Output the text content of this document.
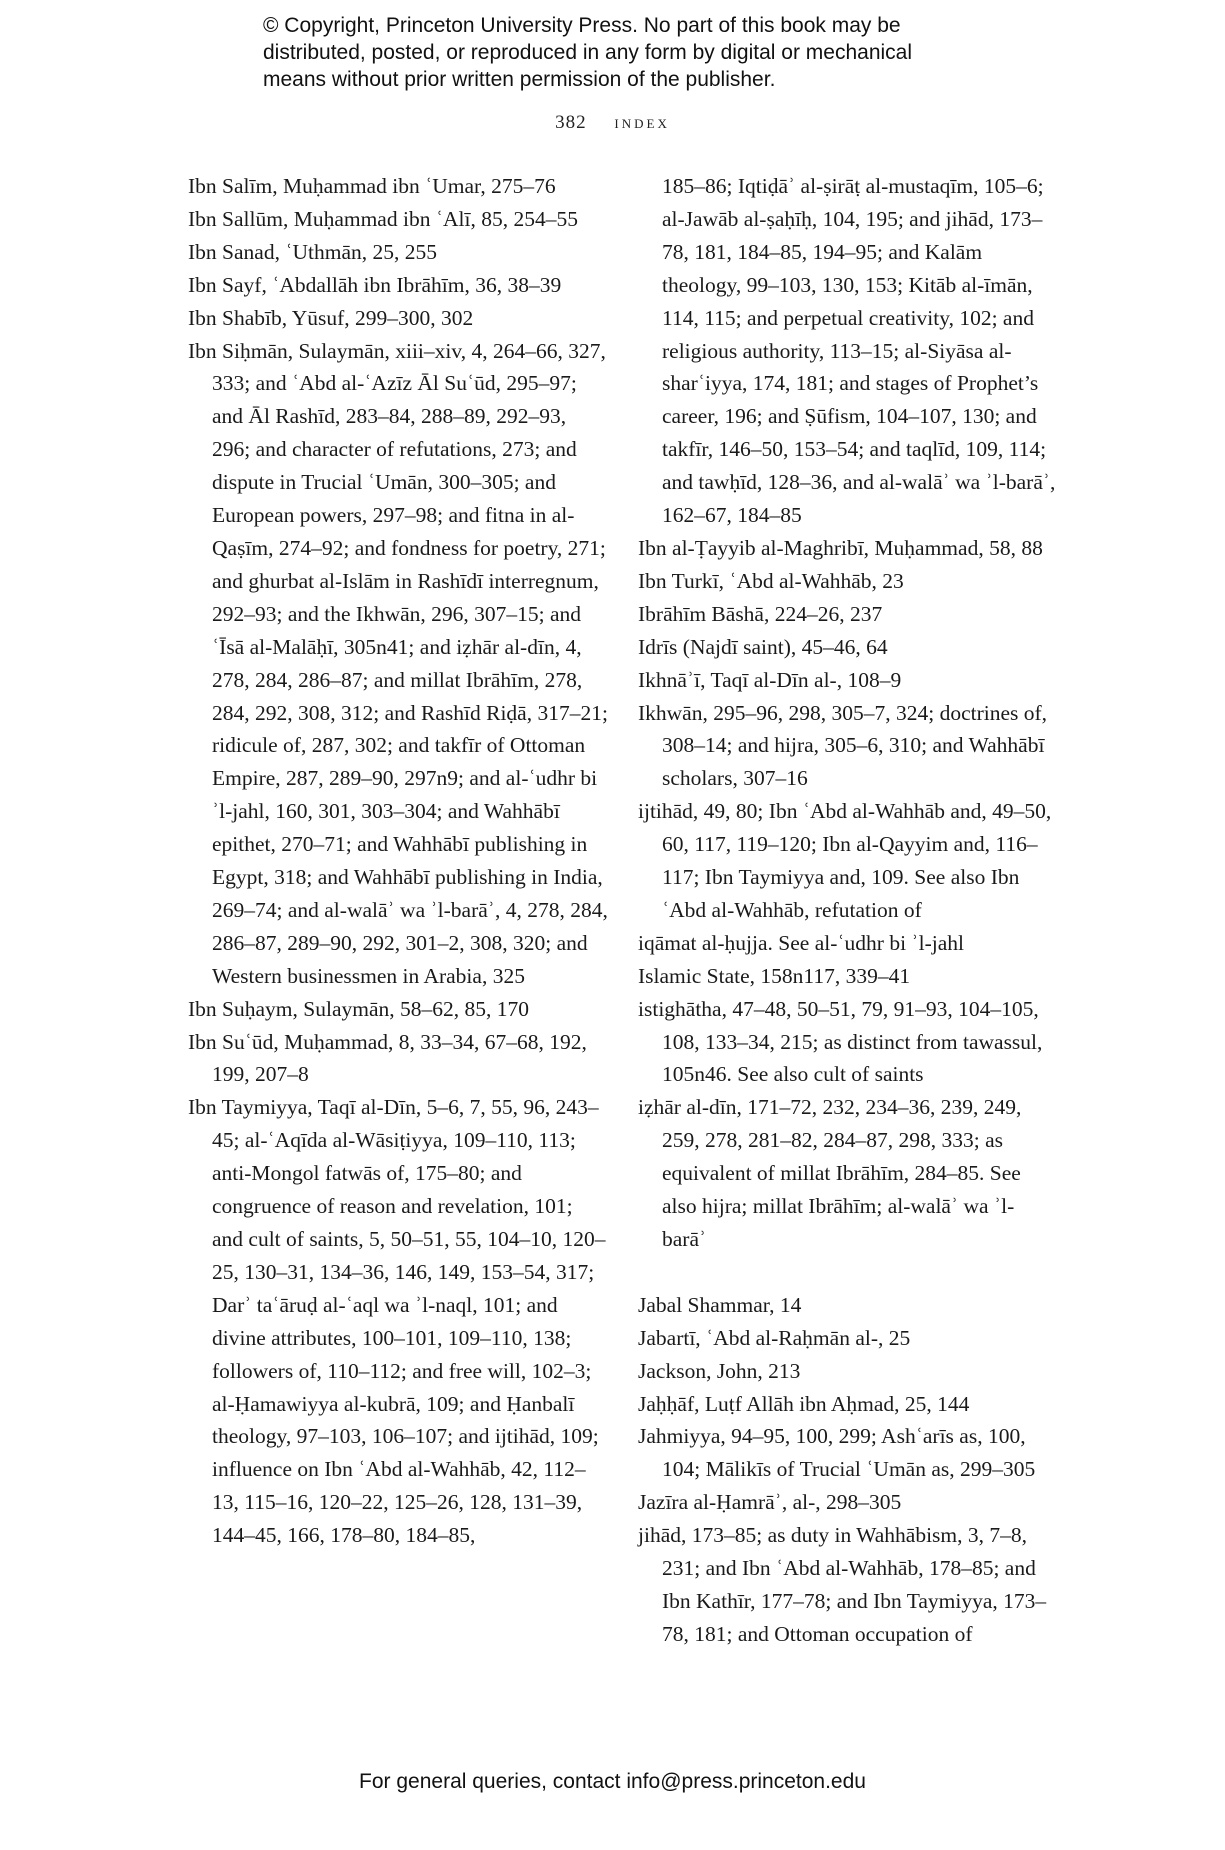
© Copyright, Princeton University Press. No part of this book may be
distributed, posted, or reproduced in any form by digital or mechanical
means without prior written permission of the publisher.
382 index
Ibn Salīm, Muḥammad ibn ʿUmar, 275–76
Ibn Sallūm, Muḥammad ibn ʿAlī, 85, 254–55
Ibn Sanad, ʿUthmān, 25, 255
Ibn Sayf, ʿAbdallāh ibn Ibrāhīm, 36, 38–39
Ibn Shabīb, Yūsuf, 299–300, 302
Ibn Siḥmān, Sulaymān, xiii–xiv, 4, 264–66, 327, 333; and ʿAbd al-ʿAzīz Āl Suʿūd, 295–97; and Āl Rashīd, 283–84, 288–89, 292–93, 296; and character of refutations, 273; and dispute in Trucial ʿUmān, 300–305; and European powers, 297–98; and fitna in al-Qaṣīm, 274–92; and fondness for poetry, 271; and ghurbat al-Islām in Rashīdī interregnum, 292–93; and the Ikhwān, 296, 307–15; and ʿĪsā al-Malāḥī, 305n41; and iẓhār al-dīn, 4, 278, 284, 286–87; and millat Ibrāhīm, 278, 284, 292, 308, 312; and Rashīd Riḍā, 317–21; ridicule of, 287, 302; and takfīr of Ottoman Empire, 287, 289–90, 297n9; and al-ʿudhr bi ʾl-jahl, 160, 301, 303–304; and Wahhābī epithet, 270–71; and Wahhābī publishing in Egypt, 318; and Wahhābī publishing in India, 269–74; and al-walāʾ wa ʾl-barāʾ, 4, 278, 284, 286–87, 289–90, 292, 301–2, 308, 320; and Western businessmen in Arabia, 325
Ibn Suḥaym, Sulaymān, 58–62, 85, 170
Ibn Suʿūd, Muḥammad, 8, 33–34, 67–68, 192, 199, 207–8
Ibn Taymiyya, Taqī al-Dīn, 5–6, 7, 55, 96, 243–45; al-ʿAqīda al-Wāsiṭiyya, 109–110, 113; anti-Mongol fatwās of, 175–80; and congruence of reason and revelation, 101; and cult of saints, 5, 50–51, 55, 104–10, 120–25, 130–31, 134–36, 146, 149, 153–54, 317; Darʾ taʿāruḍ al-ʿaql wa ʾl-naql, 101; and divine attributes, 100–101, 109–110, 138; followers of, 110–112; and free will, 102–3; al-Ḥamawiyya al-kubrā, 109; and Ḥanbalī theology, 97–103, 106–107; and ijtihād, 109; influence on Ibn ʿAbd al-Wahhāb, 42, 112–13, 115–16, 120–22, 125–26, 128, 131–39, 144–45, 166, 178–80, 184–85,
185–86; Iqtiḍāʾ al-ṣirāṭ al-mustaqīm, 105–6; al-Jawāb al-ṣaḥīḥ, 104, 195; and jihād, 173–78, 181, 184–85, 194–95; and Kalām theology, 99–103, 130, 153; Kitāb al-īmān, 114, 115; and perpetual creativity, 102; and religious authority, 113–15; al-Siyāsa al-sharʿiyya, 174, 181; and stages of Prophet’s career, 196; and Ṣūfism, 104–107, 130; and takfīr, 146–50, 153–54; and taqlīd, 109, 114; and tawḥīd, 128–36, and al-walāʾ wa ʾl-barāʾ, 162–67, 184–85
Ibn al-Ṭayyib al-Maghribī, Muḥammad, 58, 88
Ibn Turkī, ʿAbd al-Wahhāb, 23
Ibrāhīm Bāshā, 224–26, 237
Idrīs (Najdī saint), 45–46, 64
Ikhnāʾī, Taqī al-Dīn al-, 108–9
Ikhwān, 295–96, 298, 305–7, 324; doctrines of, 308–14; and hijra, 305–6, 310; and Wahhābī scholars, 307–16
ijtihād, 49, 80; Ibn ʿAbd al-Wahhāb and, 49–50, 60, 117, 119–120; Ibn al-Qayyim and, 116–117; Ibn Taymiyya and, 109. See also Ibn ʿAbd al-Wahhāb, refutation of
iqāmat al-ḥujja. See al-ʿudhr bi ʾl-jahl
Islamic State, 158n117, 339–41
istighātha, 47–48, 50–51, 79, 91–93, 104–105, 108, 133–34, 215; as distinct from tawassul, 105n46. See also cult of saints
iẓhār al-dīn, 171–72, 232, 234–36, 239, 249, 259, 278, 281–82, 284–87, 298, 333; as equivalent of millat Ibrāhīm, 284–85. See also hijra; millat Ibrāhīm; al-walāʾ wa ʾl-barāʾ
Jabal Shammar, 14
Jabartī, ʿAbd al-Raḥmān al-, 25
Jackson, John, 213
Jaḥḥāf, Luṭf Allāh ibn Aḥmad, 25, 144
Jahmiyya, 94–95, 100, 299; Ashʿarīs as, 100, 104; Mālikīs of Trucial ʿUmān as, 299–305
Jazīra al-Ḥamrāʾ, al-, 298–305
jihād, 173–85; as duty in Wahhābism, 3, 7–8, 231; and Ibn ʿAbd al-Wahhāb, 178–85; and Ibn Kathīr, 177–78; and Ibn Taymiyya, 173–78, 181; and Ottoman occupation of
For general queries, contact info@press.princeton.edu
